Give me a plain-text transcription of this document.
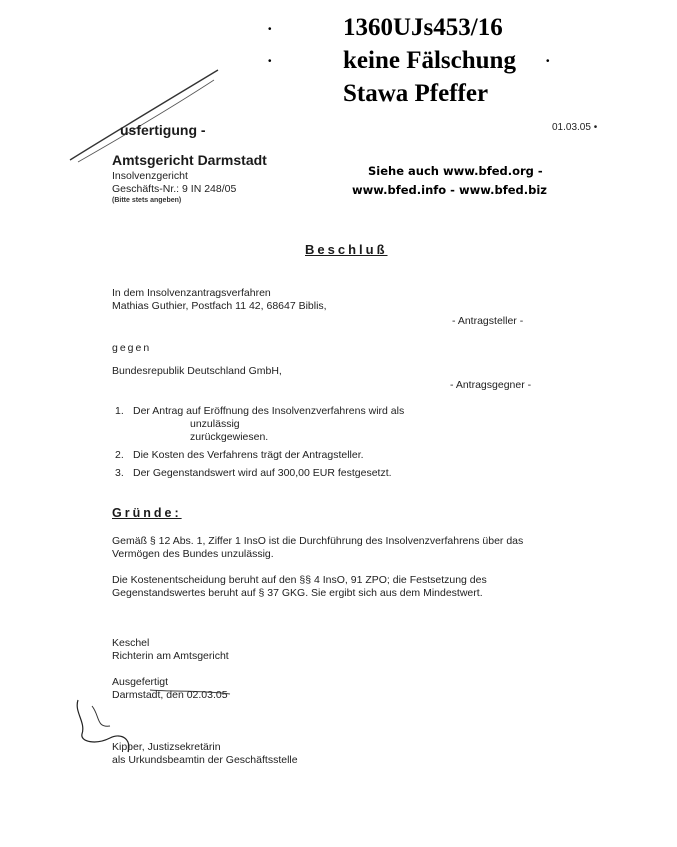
•
•	•
1360UJs453/16
keine Fälschung
Stawa Pfeffer
usfertigung -	01.03.05 •
Amtsgericht Darmstadt
Insolvenzgericht
Geschäfts-Nr.: 9 IN 248/05
(Bitte stets angeben)
Siehe auch www.bfed.org -
www.bfed.info - www.bfed.biz
Beschluß
In dem Insolvenzantragsverfahren
Mathias Guthier, Postfach 11 42, 68647 Biblis,
- Antragsteller -
gegen
Bundesrepublik Deutschland GmbH,
- Antragsgegner -
1. Der Antrag auf Eröffnung des Insolvenzverfahrens wird als
unzulässig
zurückgewiesen.
2. Die Kosten des Verfahrens trägt der Antragsteller.
3. Der Gegenstandswert wird auf 300,00 EUR festgesetzt.
Gründe:
Gemäß § 12 Abs. 1, Ziffer 1 InsO ist die Durchführung des Insolvenzverfahrens über das
Vermögen des Bundes unzulässig.
Die Kostenentscheidung beruht auf den §§ 4 InsO, 91 ZPO; die Festsetzung des
Gegenstandswertes beruht auf § 37 GKG. Sie ergibt sich aus dem Mindestwert.
Keschel
Richterin am Amtsgericht
Ausgefertigt
Darmstadt, den 02.03.05
Kipper, Justizsekretärin
als Urkundsbeamtin der Geschäftsstelle
